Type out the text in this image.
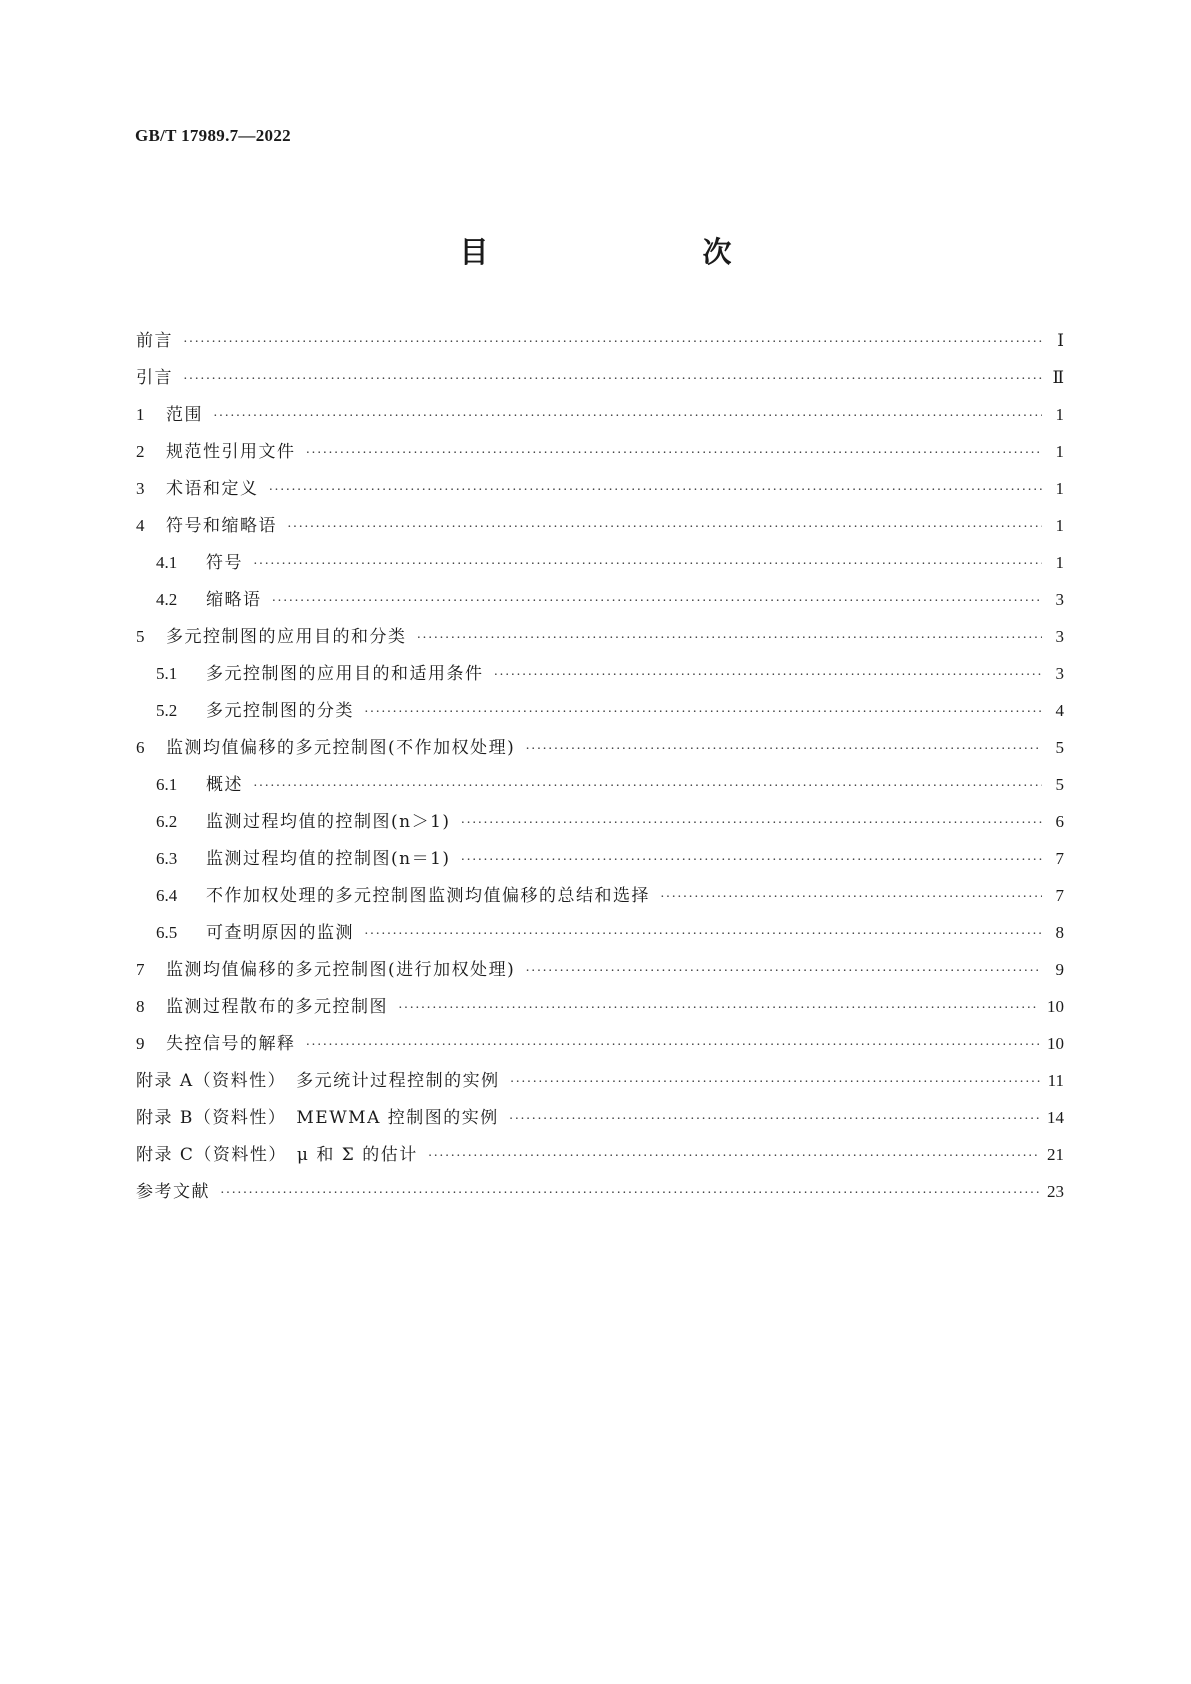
GB/T 17989.7—2022
目　　次
前言 ·····	Ⅰ
引言 ·····	Ⅱ
1	范围 ·····	1
2	规范性引用文件 ·····	1
3	术语和定义 ·····	1
4	符号和缩略语 ·····	1
4.1	符号 ·····	1
4.2	缩略语 ·····	3
5	多元控制图的应用目的和分类 ·····	3
5.1	多元控制图的应用目的和适用条件 ·····	3
5.2	多元控制图的分类 ·····	4
6	监测均值偏移的多元控制图(不作加权处理) ·····	5
6.1	概述 ·····	5
6.2	监测过程均值的控制图(n＞1) ·····	6
6.3	监测过程均值的控制图(n＝1) ·····	7
6.4	不作加权处理的多元控制图监测均值偏移的总结和选择 ·····	7
6.5	可查明原因的监测 ·····	8
7	监测均值偏移的多元控制图(进行加权处理) ·····	9
8	监测过程散布的多元控制图 ·····	10
9	失控信号的解释 ·····	10
附录 A（资料性）　多元统计过程控制的实例 ·····	11
附录 B（资料性）　MEWMA 控制图的实例 ·····	14
附录 C（资料性）　μ 和 Σ 的估计 ·····	21
参考文献 ·····	23
